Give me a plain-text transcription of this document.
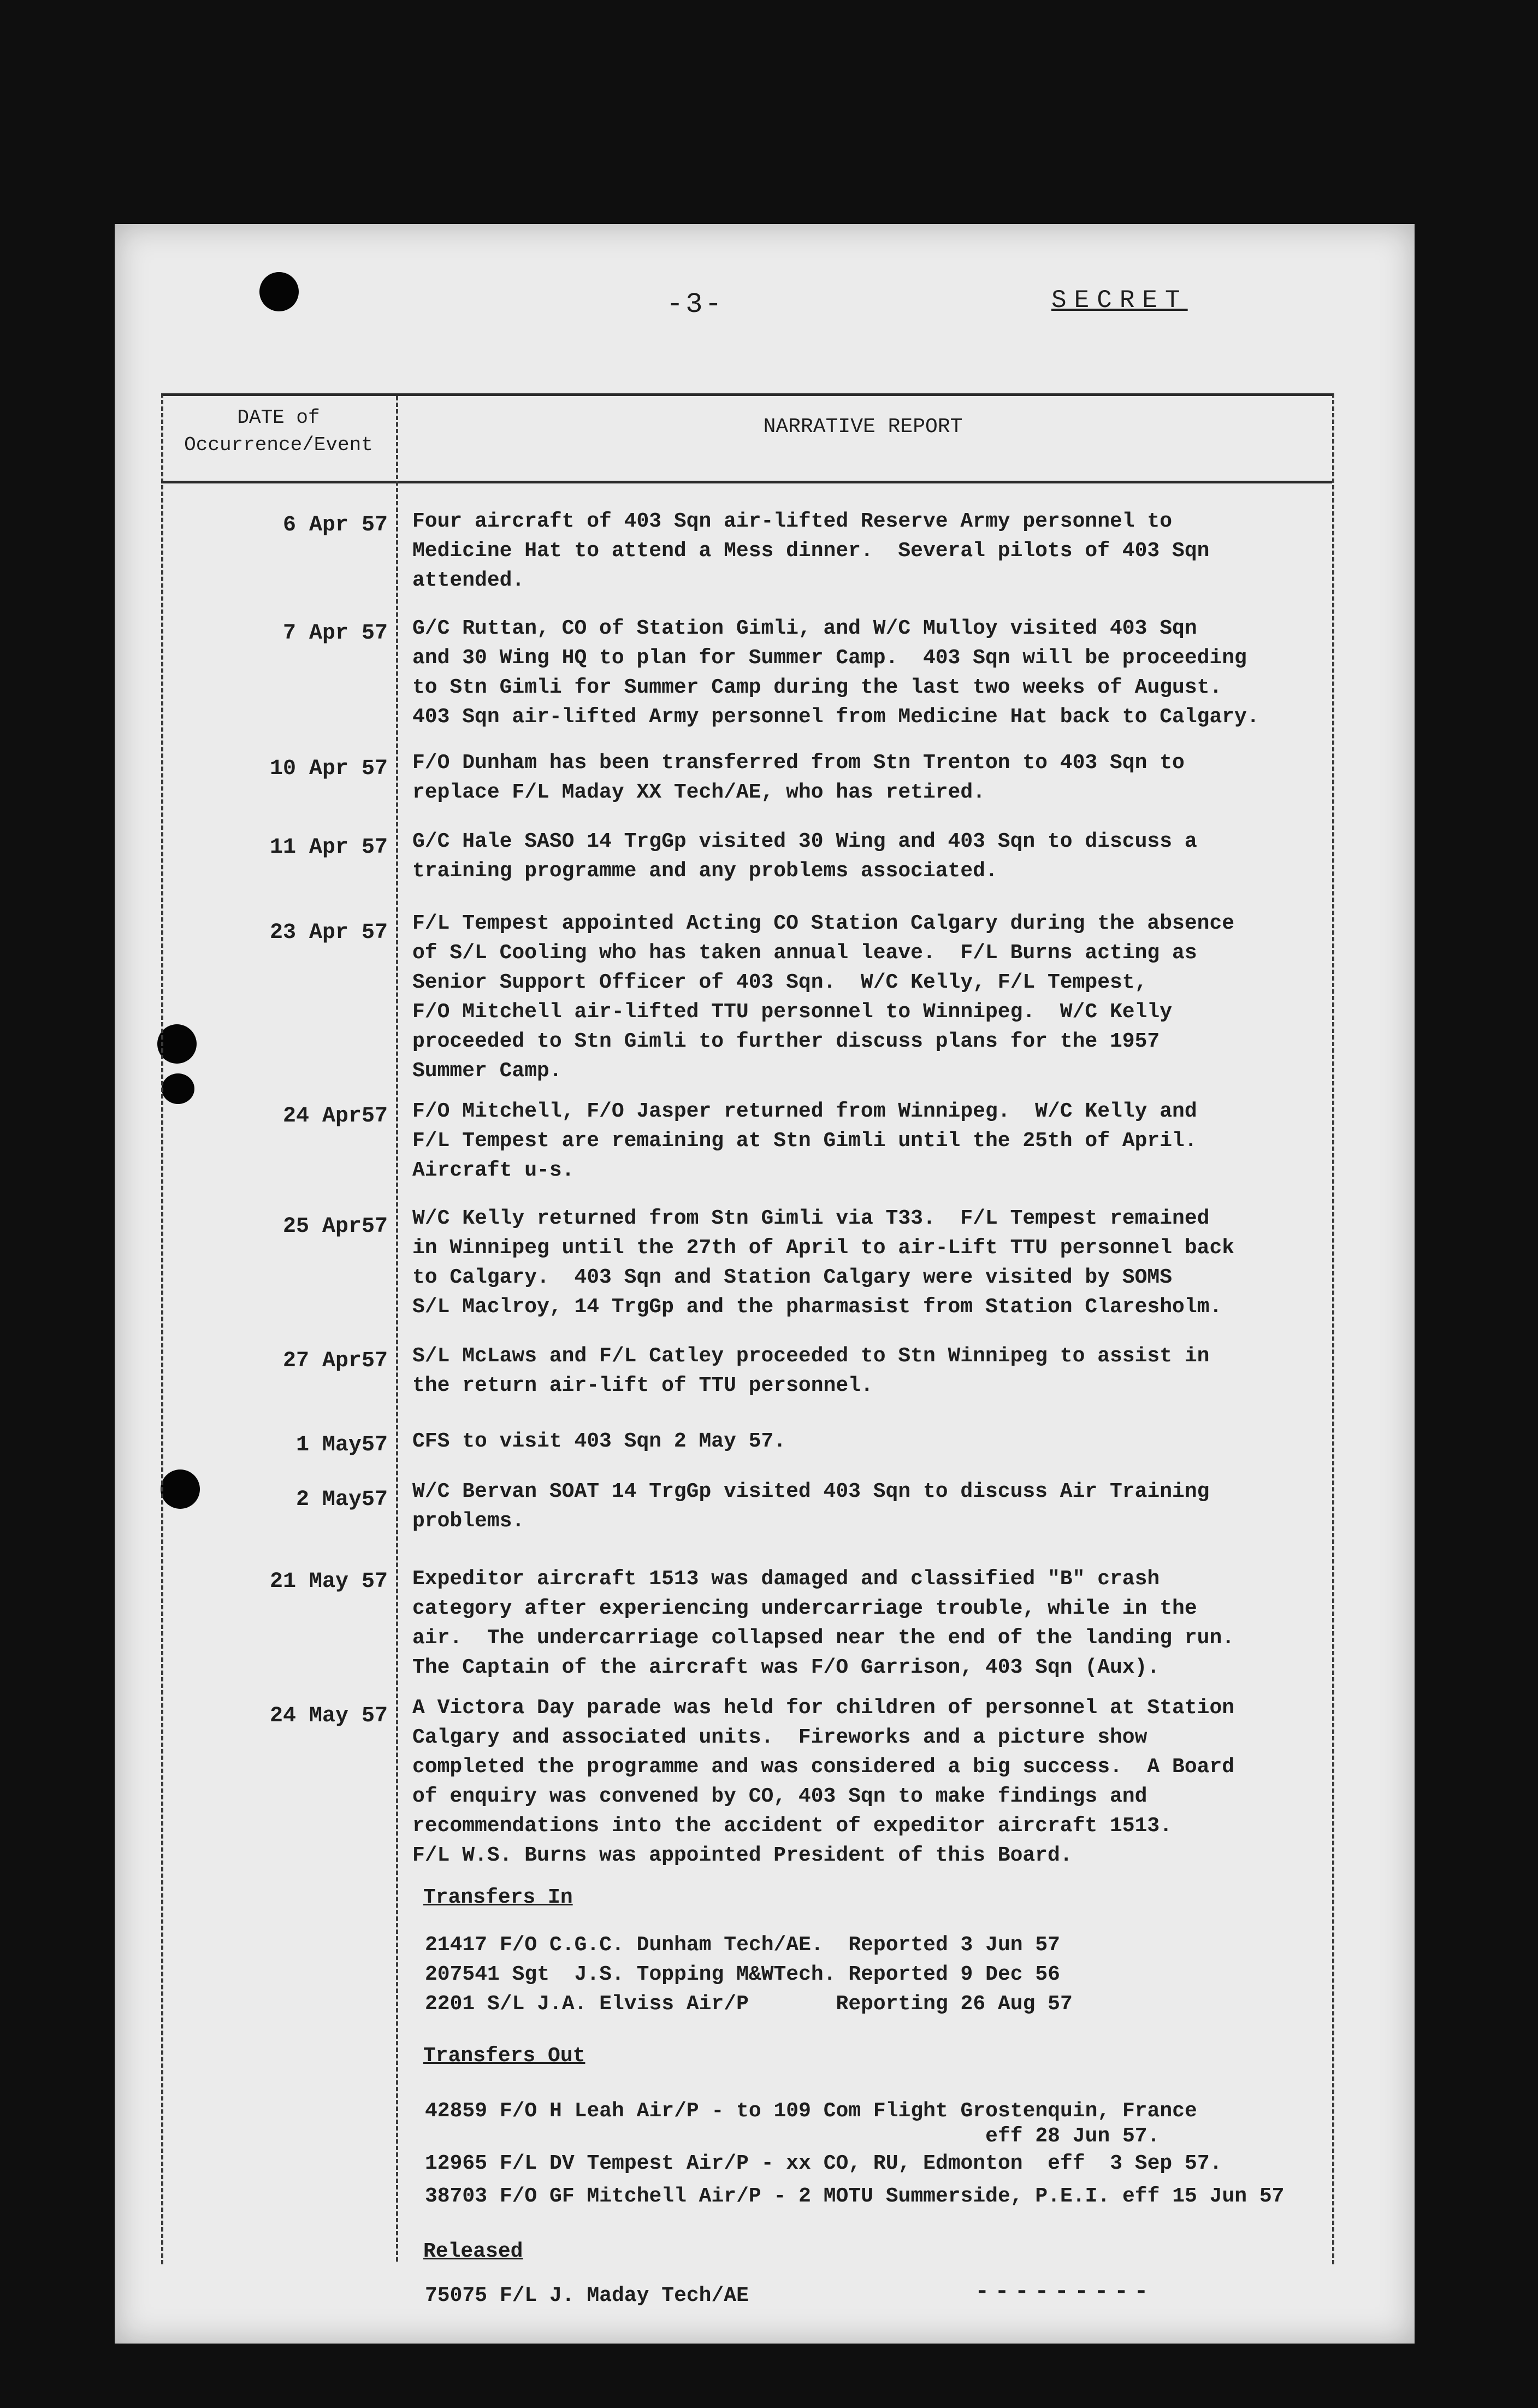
-3-	SECRET
DATE of
Occurrence/Event
NARRATIVE REPORT
6 Apr 57 Four aircraft of 403 Sqn air-lifted Reserve Army personnel to
Medicine Hat to attend a Mess dinner.  Several pilots of 403 Sqn
attended.
7 Apr 57 G/C Ruttan, CO of Station Gimli, and W/C Mulloy visited 403 Sqn
and 30 Wing HQ to plan for Summer Camp.  403 Sqn will be proceeding
to Stn Gimli for Summer Camp during the last two weeks of August.
403 Sqn air-lifted Army personnel from Medicine Hat back to Calgary.
10 Apr 57 F/O Dunham has been transferred from Stn Trenton to 403 Sqn to
replace F/L Maday XX Tech/AE, who has retired.
11 Apr 57 G/C Hale SASO 14 TrgGp visited 30 Wing and 403 Sqn to discuss a
training programme and any problems associated.
23 Apr 57 F/L Tempest appointed Acting CO Station Calgary during the absence
of S/L Cooling who has taken annual leave.  F/L Burns acting as
Senior Support Officer of 403 Sqn.  W/C Kelly, F/L Tempest,
F/O Mitchell air-lifted TTU personnel to Winnipeg.  W/C Kelly
proceeded to Stn Gimli to further discuss plans for the 1957
Summer Camp.
24 Apr57 F/O Mitchell, F/O Jasper returned from Winnipeg.  W/C Kelly and
F/L Tempest are remaining at Stn Gimli until the 25th of April.
Aircraft u-s.
25 Apr57 W/C Kelly returned from Stn Gimli via T33.  F/L Tempest remained
in Winnipeg until the 27th of April to air-Lift TTU personnel back
to Calgary.  403 Sqn and Station Calgary were visited by SOMS
S/L Maclroy, 14 TrgGp and the pharmasist from Station Claresholm.
27 Apr57 S/L McLaws and F/L Catley proceeded to Stn Winnipeg to assist in
the return air-lift of TTU personnel.
1 May57 CFS to visit 403 Sqn 2 May 57.
2 May57 W/C Bervan SOAT 14 TrgGp visited 403 Sqn to discuss Air Training
problems.
21 May 57 Expeditor aircraft 1513 was damaged and classified "B" crash
category after experiencing undercarriage trouble, while in the
air.  The undercarriage collapsed near the end of the landing run.
The Captain of the aircraft was F/O Garrison, 403 Sqn (Aux).
24 May 57 A Victora Day parade was held for children of personnel at Station
Calgary and associated units.  Fireworks and a picture show
completed the programme and was considered a big success.  A Board
of enquiry was convened by CO, 403 Sqn to make findings and
recommendations into the accident of expeditor aircraft 1513.
F/L W.S. Burns was appointed President of this Board.
Transfers In
21417 F/O C.G.C. Dunham Tech/AE.  Reported 3 Jun 57
207541 Sgt  J.S. Topping M&WTech. Reported 9 Dec 56
2201 S/L J.A. Elviss Air/P       Reporting 26 Aug 57
Transfers Out
42859 F/O H Leah Air/P - to 109 Com Flight Grostenquin, France
eff 28 Jun 57.
12965 F/L DV Tempest Air/P - xx CO, RU, Edmonton  eff  3 Sep 57.
38703 F/O GF Mitchell Air/P - 2 MOTU Summerside, P.E.I. eff 15 Jun 57
Released
75075 F/L J. Maday Tech/AE	---------
